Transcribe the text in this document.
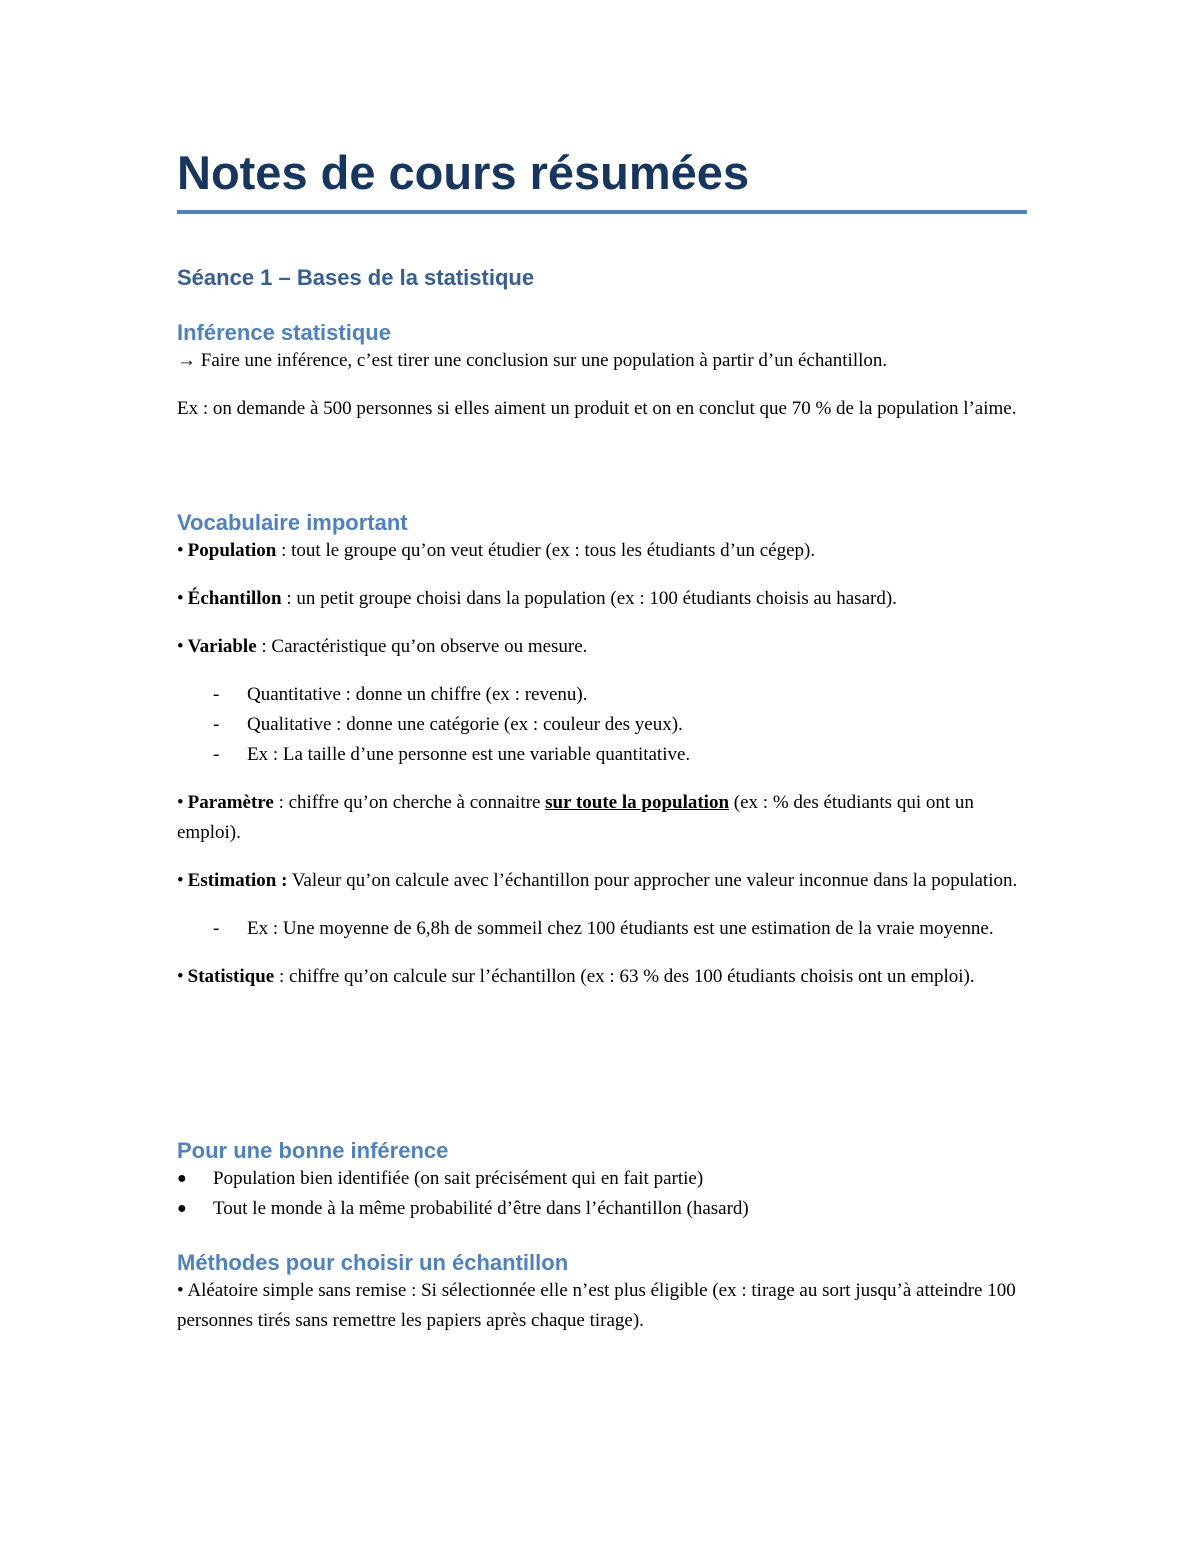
Notes de cours résumées
Séance 1 – Bases de la statistique
Inférence statistique

→ Faire une inférence, c’est tirer une conclusion sur une population à partir d’un échantillon.

Ex : on demande à 500 personnes si elles aiment un produit et on en conclut que 70 % de la population l’aime.

Vocabulaire important

• Population : tout le groupe qu’on veut étudier (ex : tous les étudiants d’un cégep).

• Échantillon : un petit groupe choisi dans la population (ex : 100 étudiants choisis au hasard).

• Variable : Caractéristique qu’on observe ou mesure.

- Quantitative : donne un chiffre (ex : revenu).
- Qualitative : donne une catégorie (ex : couleur des yeux).
- Ex : La taille d’une personne est une variable quantitative.

• Paramètre : chiffre qu’on cherche à connaitre sur toute la population (ex : % des étudiants qui ont un emploi).

• Estimation : Valeur qu’on calcule avec l’échantillon pour approcher une valeur inconnue dans la population.

- Ex : Une moyenne de 6,8h de sommeil chez 100 étudiants est une estimation de la vraie moyenne.

• Statistique : chiffre qu’on calcule sur l’échantillon (ex : 63 % des 100 étudiants choisis ont un emploi).

Pour une bonne inférence
● Population bien identifiée (on sait précisément qui en fait partie)
● Tout le monde à la même probabilité d’être dans l’échantillon (hasard)
Méthodes pour choisir un échantillon

• Aléatoire simple sans remise : Si sélectionnée elle n’est plus éligible (ex : tirage au sort jusqu’à atteindre 100 personnes tirés sans remettre les papiers après chaque tirage).
